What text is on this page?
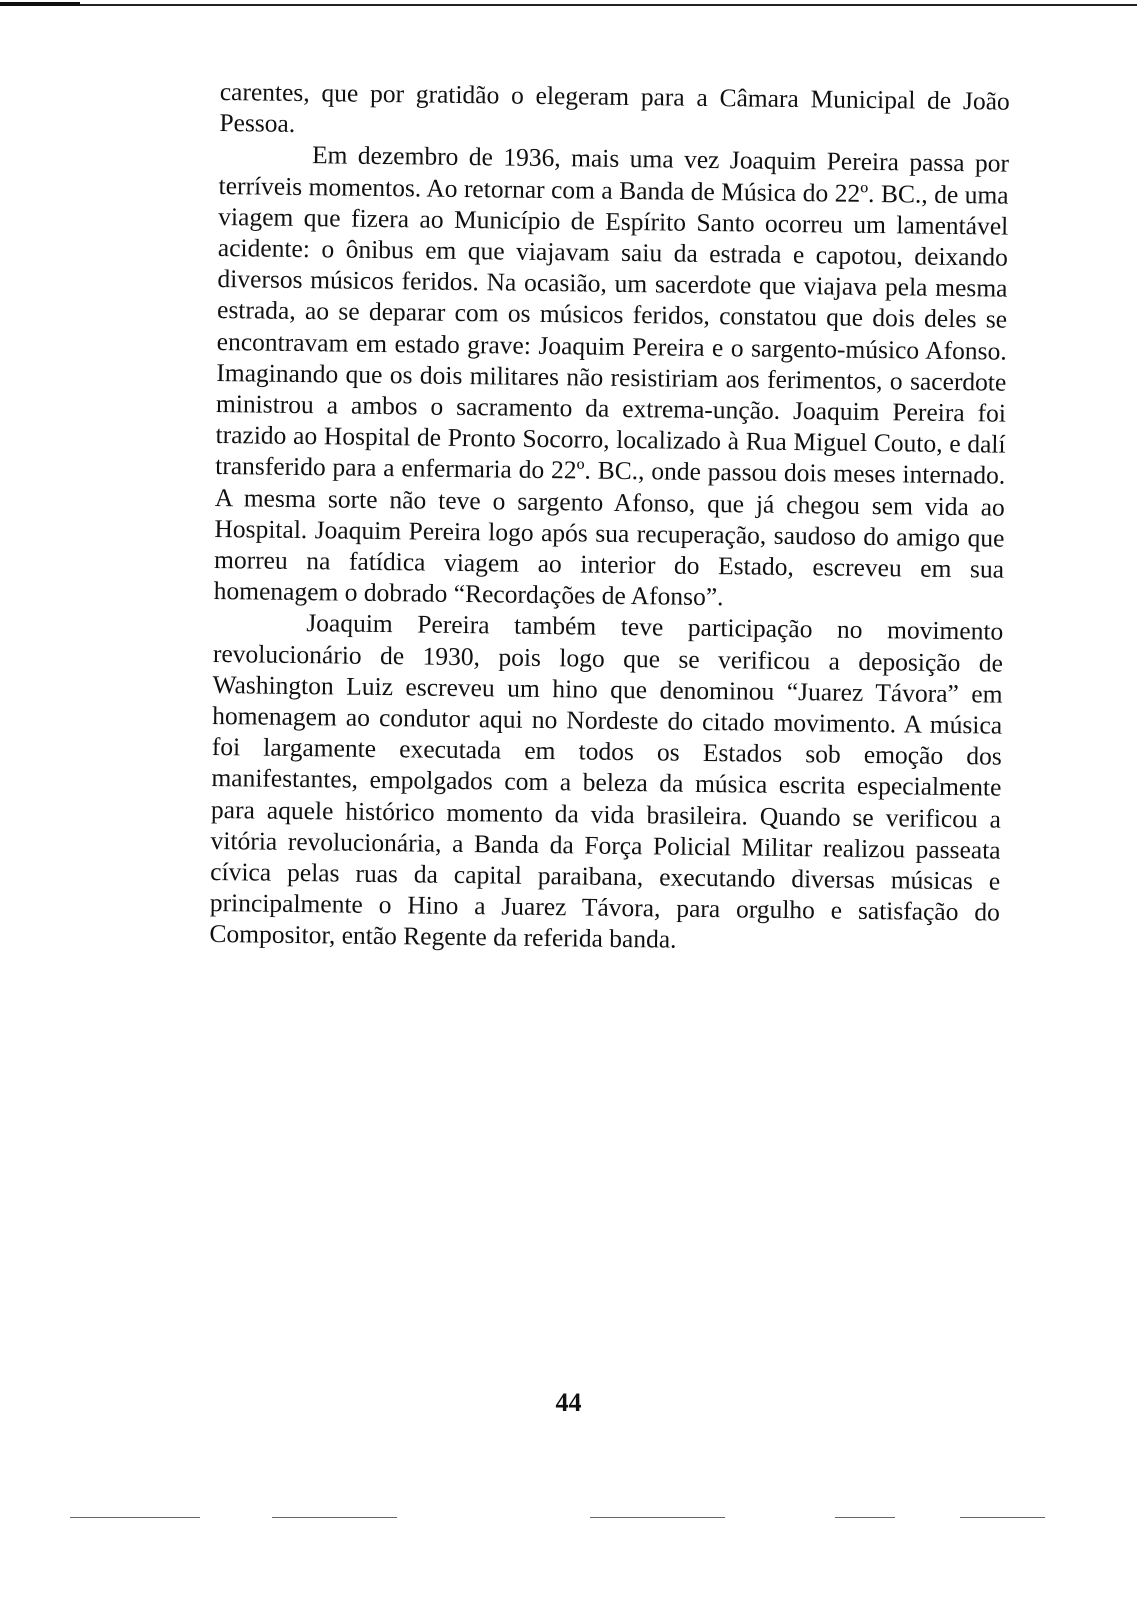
carentes, que por gratidão o elegeram para a Câmara Municipal de João Pessoa.

Em dezembro de 1936, mais uma vez Joaquim Pereira passa por terríveis momentos. Ao retornar com a Banda de Música do 22º. BC., de uma viagem que fizera ao Município de Espírito Santo ocorreu um lamentável acidente: o ônibus em que viajavam saiu da estrada e capotou, deixando diversos músicos feridos. Na ocasião, um sacerdote que viajava pela mesma estrada, ao se deparar com os músicos feridos, constatou que dois deles se encontravam em estado grave: Joaquim Pereira e o sargento-músico Afonso. Imaginando que os dois militares não resistiriam aos ferimentos, o sacerdote ministrou a ambos o sacramento da extrema-unção. Joaquim Pereira foi trazido ao Hospital de Pronto Socorro, localizado à Rua Miguel Couto, e dalí transferido para a enfermaria do 22º. BC., onde passou dois meses internado. A mesma sorte não teve o sargento Afonso, que já chegou sem vida ao Hospital. Joaquim Pereira logo após sua recuperação, saudoso do amigo que morreu na fatídica viagem ao interior do Estado, escreveu em sua homenagem o dobrado “Recordações de Afonso”.

Joaquim Pereira também teve participação no movimento revolucionário de 1930, pois logo que se verificou a deposição de Washington Luiz escreveu um hino que denominou “Juarez Távora” em homenagem ao condutor aqui no Nordeste do citado movimento. A música foi largamente executada em todos os Estados sob emoção dos manifestantes, empolgados com a beleza da música escrita especialmente para aquele histórico momento da vida brasileira. Quando se verificou a vitória revolucionária, a Banda da Força Policial Militar realizou passeata cívica pelas ruas da capital paraibana, executando diversas músicas e principalmente o Hino a Juarez Távora, para orgulho e satisfação do Compositor, então Regente da referida banda.

44
